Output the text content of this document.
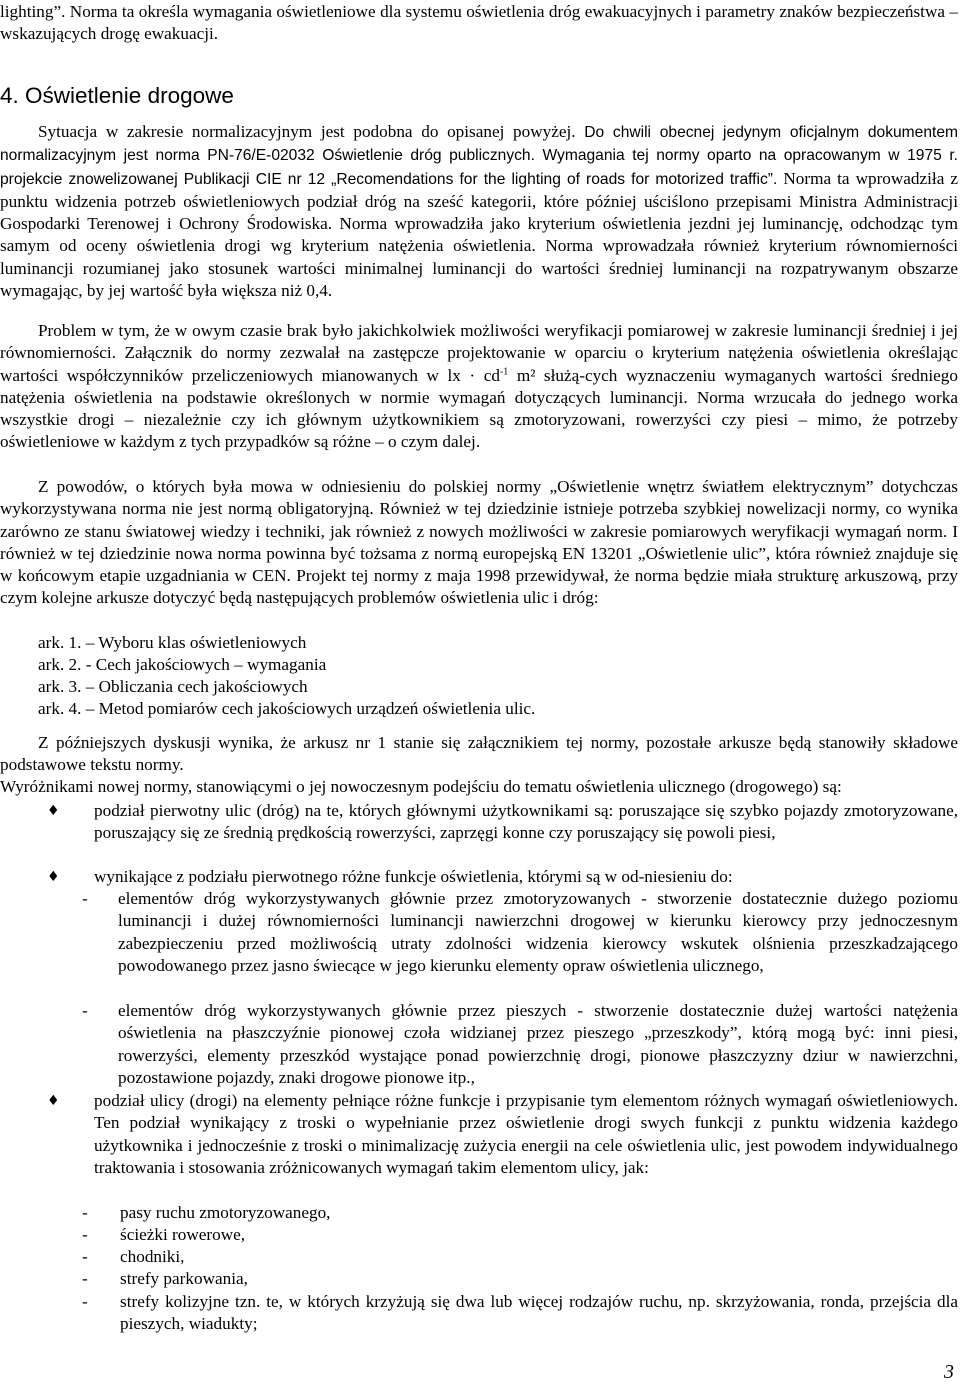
lighting”. Norma ta określa wymagania oświetleniowe dla systemu oświetlenia dróg ewakuacyjnych i parametry znaków bezpieczeństwa – wskazujących drogę ewakuacji.

4. Oświetlenie drogowe

Sytuacja w zakresie normalizacyjnym jest podobna do opisanej powyżej. Do chwili obecnej jedynym oficjalnym dokumentem normalizacyjnym jest norma PN-76/E-02032 Oświetlenie dróg publicznych. Wymagania tej normy oparto na opracowanym w 1975 r. projekcie znowelizowanej Publikacji CIE nr 12 „Recomendations for the lighting of roads for motorized traffic”. Norma ta wprowadziła z punktu widzenia potrzeb oświetleniowych podział dróg na sześć kategorii, które później uściślono przepisami Ministra Administracji Gospodarki Terenowej i Ochrony Środowiska. Norma wprowadziła jako kryterium oświetlenia jezdni jej luminancję, odchodząc tym samym od oceny oświetlenia drogi wg kryterium natężenia oświetlenia. Norma wprowadzała również kryterium równomierności luminancji rozumianej jako stosunek wartości minimalnej luminancji do wartości średniej luminancji na rozpatrywanym obszarze wymagając, by jej wartość była większa niż 0,4.

Problem w tym, że w owym czasie brak było jakichkolwiek możliwości weryfikacji pomiarowej w zakresie luminancji średniej i jej równomierności. Załącznik do normy zezwalał na zastępcze projektowanie w oparciu o kryterium natężenia oświetlenia określając wartości współczynników przeliczeniowych mianowanych w lx · $cd^{-1}$ m² służą-cych wyznaczeniu wymaganych wartości średniego natężenia oświetlenia na podstawie określonych w normie wymagań dotyczących luminancji. Norma wrzucała do jednego worka wszystkie drogi – niezależnie czy ich głównym użytkownikiem są zmotoryzowani, rowerzyści czy piesi – mimo, że potrzeby oświetleniowe w każdym z tych przypadków są różne – o czym dalej.

Z powodów, o których była mowa w odniesieniu do polskiej normy „Oświetlenie wnętrz światłem elektrycznym” dotychczas wykorzystywana norma nie jest normą obligatoryjną. Również w tej dziedzinie istnieje potrzeba szybkiej nowelizacji normy, co wynika zarówno ze stanu światowej wiedzy i techniki, jak również z nowych możliwości w zakresie pomiarowych weryfikacji wymagań norm. I również w tej dziedzinie nowa norma powinna być tożsama z normą europejską EN 13201 „Oświetlenie ulic”, która również znajduje się w końcowym etapie uzgadniania w CEN. Projekt tej normy z maja 1998 przewidywał, że norma będzie miała strukturę arkuszową, przy czym kolejne arkusze dotyczyć będą następujących problemów oświetlenia ulic i dróg:

ark. 1. – Wyboru klas oświetleniowych

ark. 2. - Cech jakościowych – wymagania

ark. 3. – Obliczania cech jakościowych

ark. 4. – Metod pomiarów cech jakościowych urządzeń oświetlenia ulic.

Z późniejszych dyskusji wynika, że arkusz nr 1 stanie się załącznikiem tej normy, pozostałe arkusze będą stanowiły składowe podstawowe tekstu normy.

Wyróżnikami nowej normy, stanowiącymi o jej nowoczesnym podejściu do tematu oświetlenia ulicznego (drogowego) są:

♦ podział pierwotny ulic (dróg) na te, których głównymi użytkownikami są: poruszające się szybko pojazdy zmotoryzowane, poruszający się ze średnią prędkością rowerzyści, zaprzęgi konne czy poruszający się powoli piesi,

♦ wynikające z podziału pierwotnego różne funkcje oświetlenia, którymi są w od-niesieniu do:

- elementów dróg wykorzystywanych głównie przez zmotoryzowanych - stworzenie dostatecznie dużego poziomu luminancji i dużej równomierności luminancji nawierzchni drogowej w kierunku kierowcy przy jednoczesnym zabezpieczeniu przed możliwością utraty zdolności widzenia kierowcy wskutek olśnienia przeszkadzającego powodowanego przez jasno świecące w jego kierunku elementy opraw oświetlenia ulicznego,

- elementów dróg wykorzystywanych głównie przez pieszych - stworzenie dostatecznie dużej wartości natężenia oświetlenia na płaszczyźnie pionowej czoła widzianej przez pieszego „przeszkody”, którą mogą być: inni piesi, rowerzyści, elementy przeszkód wystające ponad powierzchnię drogi, pionowe płaszczyzny dziur w nawierzchni, pozostawione pojazdy, znaki drogowe pionowe itp.,

♦ podział ulicy (drogi) na elementy pełniące różne funkcje i przypisanie tym elementom różnych wymagań oświetleniowych. Ten podział wynikający z troski o wypełnianie przez oświetlenie drogi swych funkcji z punktu widzenia każdego użytkownika i jednocześnie z troski o minimalizację zużycia energii na cele oświetlenia ulic, jest powodem indywidualnego traktowania i stosowania zróżnicowanych wymagań takim elementom ulicy, jak:

- pasy ruchu zmotoryzowanego,

- ścieżki rowerowe,

- chodniki,

- strefy parkowania,

- strefy kolizyjne tzn. te, w których krzyżują się dwa lub więcej rodzajów ruchu, np. skrzyżowania, ronda, przejścia dla pieszych, wiadukty;

3
